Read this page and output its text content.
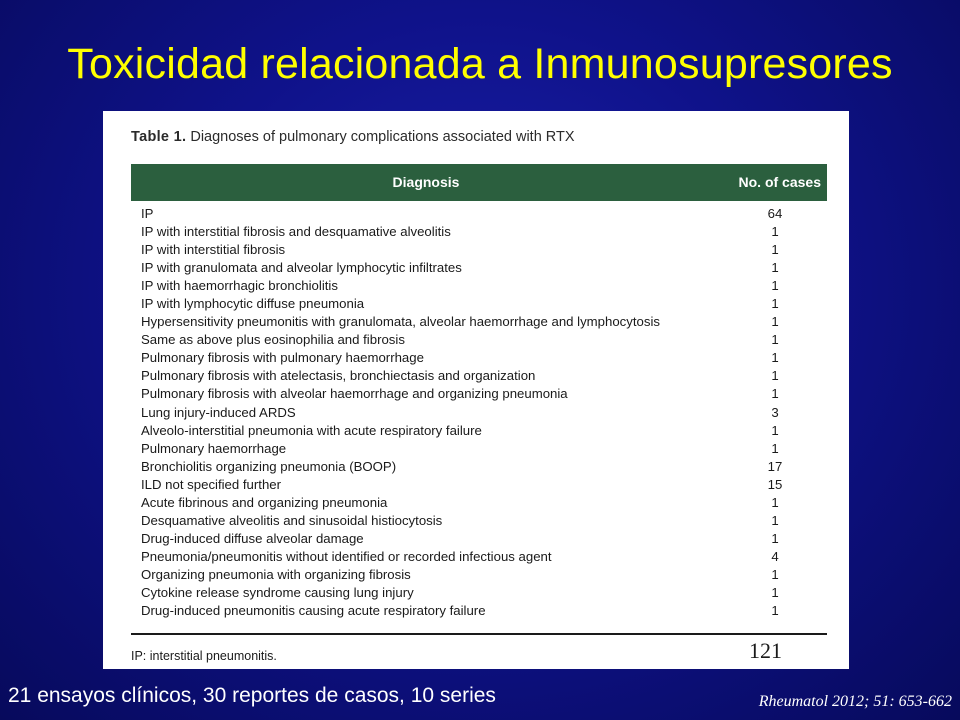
Toxicidad relacionada a Inmunosupresores
Table 1. Diagnoses of pulmonary complications associated with RTX
Diagnosis	No. of cases
IP	64
IP with interstitial fibrosis and desquamative alveolitis	1
IP with interstitial fibrosis	1
IP with granulomata and alveolar lymphocytic infiltrates	1
IP with haemorrhagic bronchiolitis	1
IP with lymphocytic diffuse pneumonia	1
Hypersensitivity pneumonitis with granulomata, alveolar haemorrhage and lymphocytosis	1
Same as above plus eosinophilia and fibrosis	1
Pulmonary fibrosis with pulmonary haemorrhage	1
Pulmonary fibrosis with atelectasis, bronchiectasis and organization	1
Pulmonary fibrosis with alveolar haemorrhage and organizing pneumonia	1
Lung injury-induced ARDS	3
Alveolo-interstitial pneumonia with acute respiratory failure	1
Pulmonary haemorrhage	1
Bronchiolitis organizing pneumonia (BOOP)	17
ILD not specified further	15
Acute fibrinous and organizing pneumonia	1
Desquamative alveolitis and sinusoidal histiocytosis	1
Drug-induced diffuse alveolar damage	1
Pneumonia/pneumonitis without identified or recorded infectious agent	4
Organizing pneumonia with organizing fibrosis	1
Cytokine release syndrome causing lung injury	1
Drug-induced pneumonitis causing acute respiratory failure	1
IP: interstitial pneumonitis.	121
21 ensayos clínicos, 30 reportes de casos, 10 series	Rheumatol 2012; 51: 653-662
